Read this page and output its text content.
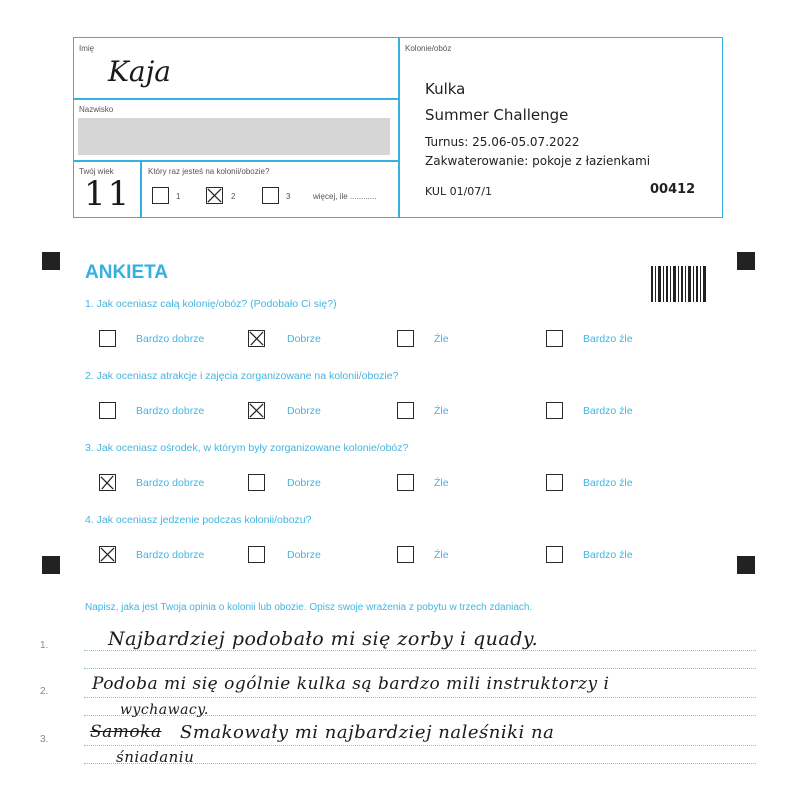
Imię
Kaja
Nazwisko
Twój wiek
11
Który raz jesteś na kolonii/obozie?
1	2	3	więcej, ile ............
Kolonie/obóz
Kulka
Summer Challenge
Turnus: 25.06-05.07.2022
Zakwaterowanie: pokoje z łazienkami
KUL 01/07/1	00412
ANKIETA
1. Jak oceniasz całą kolonię/obóz? (Podobało Ci się?)
Bardzo dobrze	Dobrze	Źle	Bardzo źle
2. Jak oceniasz atrakcje i zajęcia zorganizowane na kolonii/obozie?
Bardzo dobrze	Dobrze	Źle	Bardzo źle
3. Jak oceniasz ośrodek, w którym były zorganizowane kolonie/obóz?
Bardzo dobrze	Dobrze	Źle	Bardzo źle
4. Jak oceniasz jedzenie podczas kolonii/obozu?
Bardzo dobrze	Dobrze	Źle	Bardzo źle
Napisz, jaka jest Twoja opinia o kolonii lub obozie. Opisz swoje wrażenia z pobytu w trzech zdaniach.
1.	Najbardziej podobało mi się zorby i quady.
2.	Podoba mi się ogólnie kulka są bardzo mili instruktorzy i
wychawacy.
3. Samoka Smakowały mi najbardziej naleśniki na
śniadaniu
